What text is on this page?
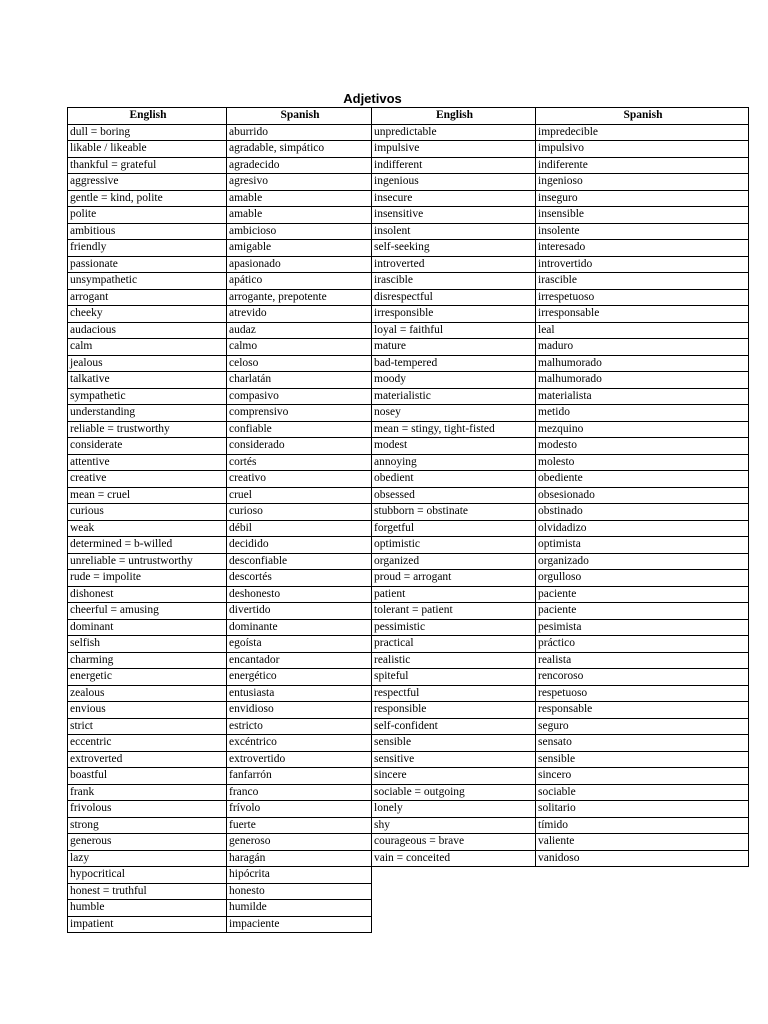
Adjetivos
English	Spanish
dull = boring	aburrido
likable / likeable	agradable, simpático
thankful = grateful	agradecido
aggressive	agresivo
gentle = kind, polite	amable
polite	amable
ambitious	ambicioso
friendly	amigable
passionate	apasionado
unsympathetic	apático
arrogant	arrogante, prepotente
cheeky	atrevido
audacious	audaz
calm	calmo
jealous	celoso
talkative	charlatán
sympathetic	compasivo
understanding	comprensivo
reliable = trustworthy	confiable
considerate	considerado
attentive	cortés
creative	creativo
mean = cruel	cruel
curious	curioso
weak	débil
determined = b-willed	decidido
unreliable = untrustworthy	desconfiable
rude = impolite	descortés
dishonest	deshonesto
cheerful = amusing	divertido
dominant	dominante
selfish	egoísta
charming	encantador
energetic	energético
zealous	entusiasta
envious	envidioso
strict	estricto
eccentric	excéntrico
extroverted	extrovertido
boastful	fanfarrón
frank	franco
frivolous	frívolo
strong	fuerte
generous	generoso
lazy	haragán
hypocritical	hipócrita
honest = truthful	honesto
humble	humilde
impatient	impaciente
English	Spanish
unpredictable	impredecible
impulsive	impulsivo
indifferent	indiferente
ingenious	ingenioso
insecure	inseguro
insensitive	insensible
insolent	insolente
self-seeking	interesado
introverted	introvertido
irascible	irascible
disrespectful	irrespetuoso
irresponsible	irresponsable
loyal = faithful	leal
mature	maduro
bad-tempered	malhumorado
moody	malhumorado
materialistic	materialista
nosey	metido
mean = stingy, tight-fisted	mezquino
modest	modesto
annoying	molesto
obedient	obediente
obsessed	obsesionado
stubborn = obstinate	obstinado
forgetful	olvidadizo
optimistic	optimista
organized	organizado
proud = arrogant	orgulloso
patient	paciente
tolerant = patient	paciente
pessimistic	pesimista
practical	práctico
realistic	realista
spiteful	rencoroso
respectful	respetuoso
responsible	responsable
self-confident	seguro
sensible	sensato
sensitive	sensible
sincere	sincero
sociable = outgoing	sociable
lonely	solitario
shy	tímido
courageous = brave	valiente
vain = conceited	vanidoso
